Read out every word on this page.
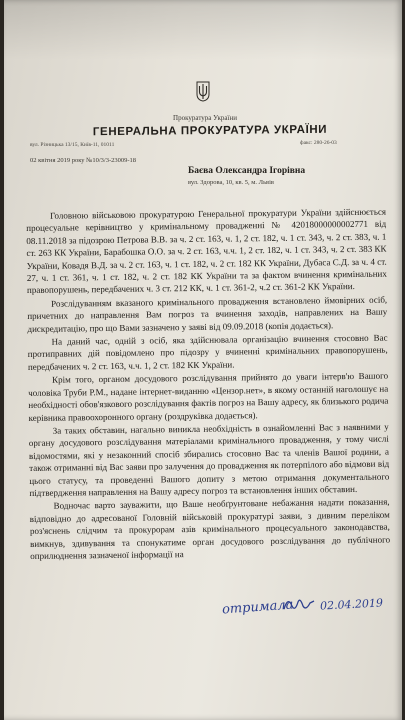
Прокуратура України
ГЕНЕРАЛЬНА ПРОКУРАТУРА УКРАЇНИ
вул. Різницька 13/15, Київ-11, 01011	факс: 280-26-03
02 квітня 2019 року №10/3/3-23009-18
Баєва Олександра Ігорівна
вул. Здорова, 10, кв. 5, м. Львів

Головною військовою прокуратурою Генеральної прокуратури України здійснюється процесуальне керівництво у кримінальному провадженні № 42018000000002771 від 08.11.2018 за підозрою Петрова В.В. за ч. 2 ст. 163, ч. 1, 2 ст. 182, ч. 1 ст. 343, ч. 2 ст. 383, ч. 1 ст. 263 КК України, Барабошка О.О. за ч. 2 ст. 163, ч.ч. 1, 2 ст. 182, ч. 1 ст. 343, ч. 2 ст. 383 КК України, Ковадя В.Д. за ч. 2 ст. 163, ч. 1 ст. 182, ч. 2 ст. 182 КК України, Дубаса С.Д. за ч. 4 ст. 27, ч. 1 ст. 361, ч. 1 ст. 182, ч. 2 ст. 182 КК України та за фактом вчинення кримінальних правопорушень, передбачених ч. 3 ст. 212 КК, ч. 1 ст. 361-2, ч.2 ст. 361-2 КК України.

Розслідуванням вказаного кримінального провадження встановлено ймовірних осіб, причетних до направлення Вам погроз та вчинення заходів, направлених на Вашу дискредитацію, про що Вами зазначено у заяві від 09.09.2018 (копія додається).

На даний час, одній з осіб, яка здійснювала організацію вчинення стосовно Вас протиправних дій повідомлено про підозру у вчиненні кримінальних правопорушень, передбачених ч. 2 ст. 163, ч.ч. 1, 2 ст. 182 КК України.

Крім того, органом досудового розслідування прийнято до уваги інтерв'ю Вашого чоловіка Труби Р.М., надане інтернет-виданню «Цензор.нет», в якому останній наголошує на необхідності обов'язкового розслідування фактів погроз на Вашу адресу, як близького родича керівника правоохоронного органу (роздруківка додається).

За таких обставин, нагально виникла необхідність в ознайомленні Вас з наявними у органу досудового розслідування матеріалами кримінального провадження, у тому числі відомостями, які у незаконний спосіб збирались стосовно Вас та членів Вашої родини, а також отриманні від Вас заяви про залучення до провадження як потерпілого або відмови від цього статусу, та проведенні Вашого допиту з метою отримання документального підтвердження направлення на Вашу адресу погроз та встановлення інших обставин.

Водночас варто зауважити, що Ваше необґрунтоване небажання надати показання, відповідно до адресованої Головній військовій прокуратурі заяви, з дивним переліком роз'яснень слідчим та прокурорам азів кримінального процесуального законодавства, вимкнув, здивування та спонукатиме орган досудового розслідування до публічного оприлюднення зазначеної інформації на

отримала 02.04.2019
